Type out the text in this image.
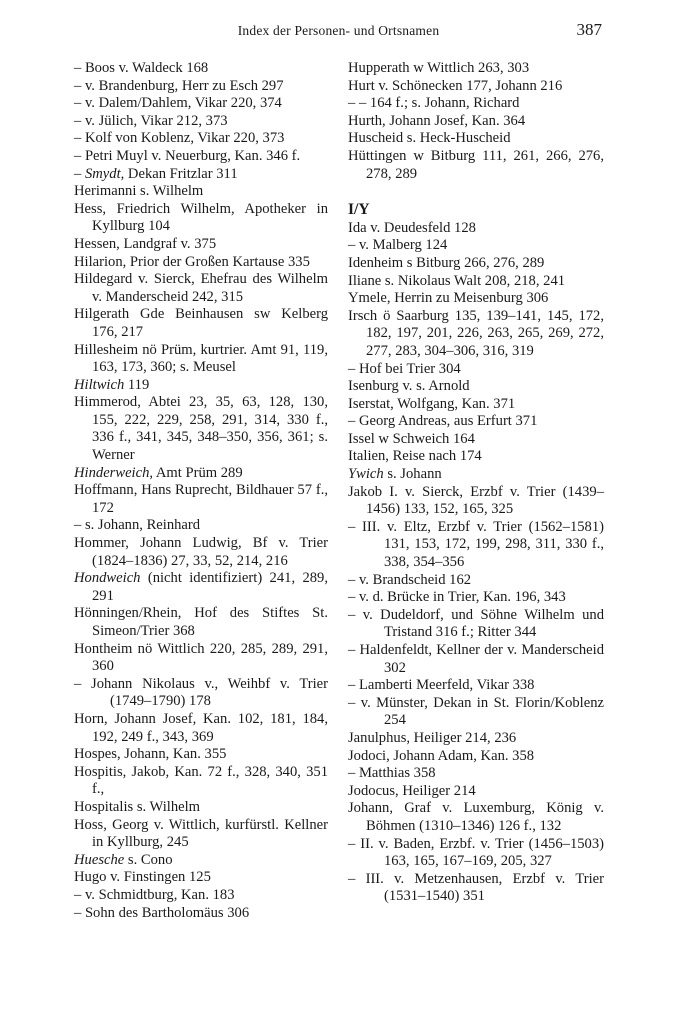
Index der Personen- und Ortsnamen	387

– Boos v. Waldeck 168

– v. Brandenburg, Herr zu Esch 297

– v. Dalem/Dahlem, Vikar 220, 374

– v. Jülich, Vikar 212, 373

– Kolf von Koblenz, Vikar 220, 373

– Petri Muyl v. Neuerburg, Kan. 346 f.

– Smydt, Dekan Fritzlar 311

Herimanni s. Wilhelm

Hess, Friedrich Wilhelm, Apotheker in Kyllburg 104

Hessen, Landgraf v. 375

Hilarion, Prior der Großen Kartause 335

Hildegard v. Sierck, Ehefrau des Wilhelm v. Manderscheid 242, 315

Hilgerath Gde Beinhausen sw Kelberg 176, 217

Hillesheim nö Prüm, kurtrier. Amt 91, 119, 163, 173, 360; s. Meusel

Hiltwich 119

Himmerod, Abtei 23, 35, 63, 128, 130, 155, 222, 229, 258, 291, 314, 330 f., 336 f., 341, 345, 348–350, 356, 361; s. Werner

Hinderweich, Amt Prüm 289

Hoffmann, Hans Ruprecht, Bildhauer 57 f., 172

– s. Johann, Reinhard

Hommer, Johann Ludwig, Bf v. Trier (1824–1836) 27, 33, 52, 214, 216

Hondweich (nicht identifiziert) 241, 289, 291

Hönningen/Rhein, Hof des Stiftes St. Simeon/Trier 368

Hontheim nö Wittlich 220, 285, 289, 291, 360

– Johann Nikolaus v., Weihbf v. Trier (1749–1790) 178

Horn, Johann Josef, Kan. 102, 181, 184, 192, 249 f., 343, 369

Hospes, Johann, Kan. 355

Hospitis, Jakob, Kan. 72 f., 328, 340, 351 f.,

Hospitalis s. Wilhelm

Hoss, Georg v. Wittlich, kurfürstl. Kellner in Kyllburg, 245

Huesche s. Cono

Hugo v. Finstingen 125

– v. Schmidtburg, Kan. 183

– Sohn des Bartholomäus 306

Hupperath w Wittlich 263, 303

Hurt v. Schönecken 177, Johann 216

– – 164 f.; s. Johann, Richard

Hurth, Johann Josef, Kan. 364

Huscheid s. Heck-Huscheid

Hüttingen w Bitburg 111, 261, 266, 276, 278, 289

I/Y

Ida v. Deudesfeld 128

– v. Malberg 124

Idenheim s Bitburg 266, 276, 289

Iliane s. Nikolaus Walt 208, 218, 241

Ymele, Herrin zu Meisenburg 306

Irsch ö Saarburg 135, 139–141, 145, 172, 182, 197, 201, 226, 263, 265, 269, 272, 277, 283, 304–306, 316, 319

– Hof bei Trier 304

Isenburg v. s. Arnold

Iserstat, Wolfgang, Kan. 371

– Georg Andreas, aus Erfurt 371

Issel w Schweich 164

Italien, Reise nach 174

Ywich s. Johann

Jakob I. v. Sierck, Erzbf v. Trier (1439–1456) 133, 152, 165, 325

– III. v. Eltz, Erzbf v. Trier (1562–1581) 131, 153, 172, 199, 298, 311, 330 f., 338, 354–356

– v. Brandscheid 162

– v. d. Brücke in Trier, Kan. 196, 343

– v. Dudeldorf, und Söhne Wilhelm und Tristand 316 f.; Ritter 344

– Haldenfeldt, Kellner der v. Manderscheid 302

– Lamberti Meerfeld, Vikar 338

– v. Münster, Dekan in St. Florin/Koblenz 254

Janulphus, Heiliger 214, 236

Jodoci, Johann Adam, Kan. 358

– Matthias 358

Jodocus, Heiliger 214

Johann, Graf v. Luxemburg, König v. Böhmen (1310–1346) 126 f., 132

– II. v. Baden, Erzbf. v. Trier (1456–1503) 163, 165, 167–169, 205, 327

– III. v. Metzenhausen, Erzbf v. Trier (1531–1540) 351
